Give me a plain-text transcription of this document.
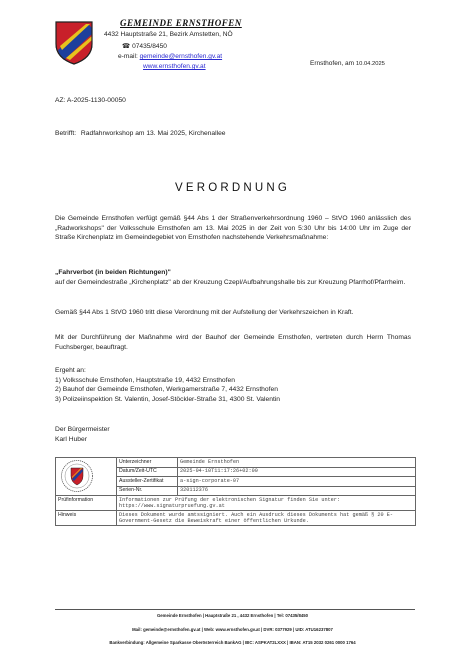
GEMEINDE ERNSTHOFEN
4432 Hauptstraße 21, Bezirk Amstetten, NÖ
☎ 07435/8450
e-mail: gemeinde@ernsthofen.gv.at
www.ernsthofen.gv.at	Ernsthofen, am 10.04.2025
AZ: A-2025-1130-00050
Betrifft: Radfahrworkshop am 13. Mai 2025, Kirchenallee
VERORDNUNG
Die Gemeinde Ernsthofen verfügt gemäß §44 Abs 1 der Straßenverkehrsordnung 1960 – StVO 1960 anlässlich des „Radworkshops" der Volksschule Ernsthofen am 13. Mai 2025 in der Zeit von 5:30 Uhr bis 14:00 Uhr im Zuge der Straße Kirchenplatz im Gemeindegebiet von Ernsthofen nachstehende Verkehrsmaßnahme:
„Fahrverbot (in beiden Richtungen)"
auf der Gemeindestraße „Kirchenplatz" ab der Kreuzung Czepl/Aufbahrungshalle bis zur Kreuzung Pfarrhof/Pfarrheim.
Gemäß §44 Abs 1 StVO 1960 tritt diese Verordnung mit der Aufstellung der Verkehrszeichen in Kraft.
Mit der Durchführung der Maßnahme wird der Bauhof der Gemeinde Ernsthofen, vertreten durch Herrn Thomas Fuchsberger, beauftragt.
Ergeht an:
1) Volksschule Ernsthofen, Hauptstraße 19, 4432 Ernsthofen
2) Bauhof der Gemeinde Ernsthofen, Werkgamerstraße 7, 4432 Ernsthofen
3) Polizeiinspektion St. Valentin, Josef-Stöckler-Straße 31, 4300 St. Valentin
Der Bürgermeister
Karl Huber
	Unterzeichner	Gemeinde Ernsthofen
	Datum/Zeit-UTC	2025-04-10T11:17:26+02:00
	Aussteller-Zertifikat	a-sign-corporate-07
	Serien-Nr.	320112376
Prüfinformation	Informationen zur Prüfung der elektronischen Signatur finden Sie unter: https://www.signaturpruefung.gv.at	
Hinweis	Dieses Dokument wurde amtssigniert. Auch ein Ausdruck dieses Dokuments hat gemäß § 20 E-Government-Gesetz die Beweiskraft einer öffentlichen Urkunde.	
Gemeinde Ernsthofen | Hauptstraße 21 , 4432 Ernsthofen | Tel: 07435/8450
Mail: gemeinde@ernsthofen.gv.at | Web: www.ernsthofen.gv.at | DVR: 0377929 | UID: ATU16237807
Bankverbindung: Allgemeine Sparkasse Oberösterreich BankAG | BIC: ASPKAT2LXXX | IBAN: AT15 2032 0261 0000 1764
